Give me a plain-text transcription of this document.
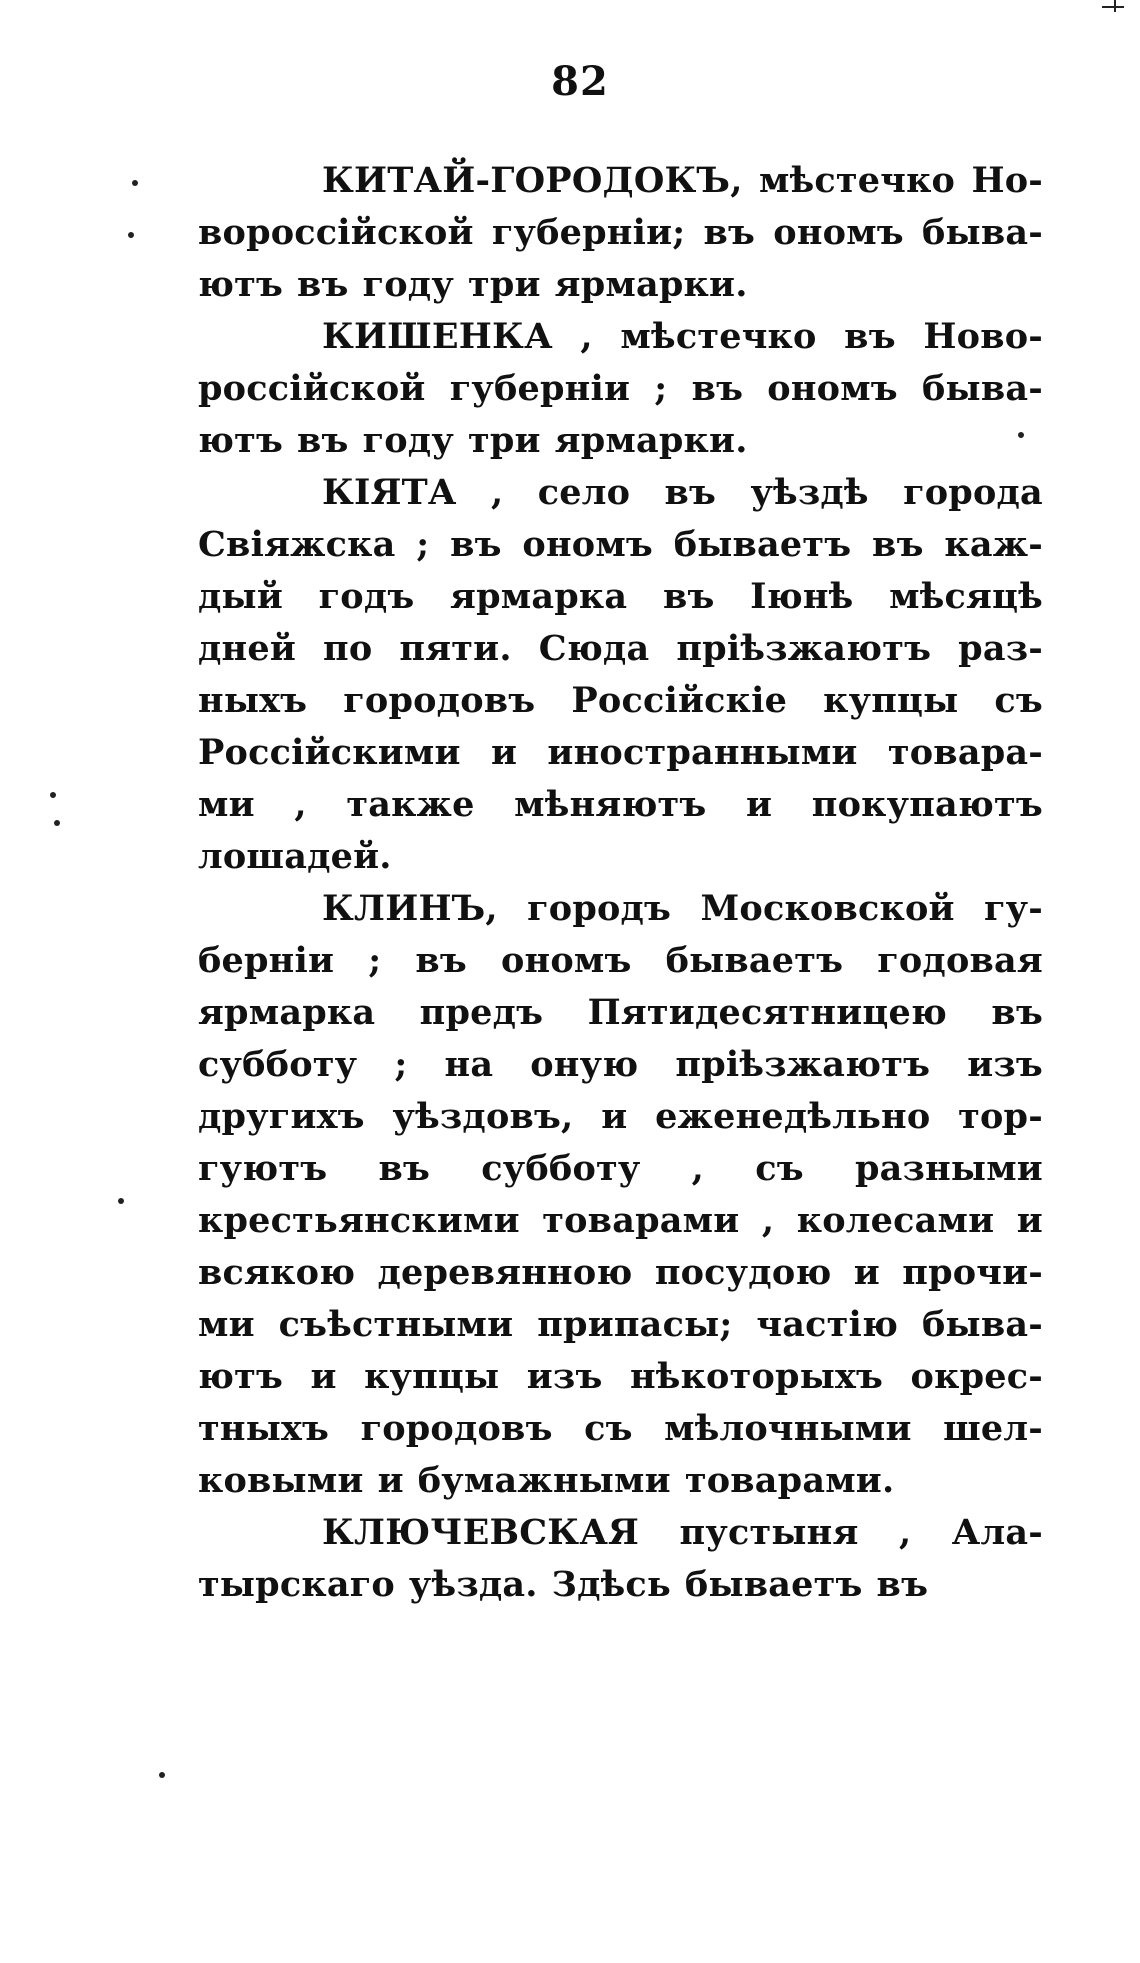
82
КИТАЙ-ГОРОДОКЪ, мѣстечко Но-
вороссійской губерніи; въ ономъ быва-
ютъ въ году три ярмарки.
КИШЕНКА , мѣстечко въ Ново-
россійской губерніи ; въ ономъ быва-
ютъ въ году три ярмарки.
КІЯТА , село въ уѣздѣ города
Свіяжска ; въ ономъ бываетъ въ каж-
дый годъ ярмарка въ Іюнѣ мѣсяцѣ
дней по пяти. Сюда пріѣзжаютъ раз-
ныхъ городовъ Россійскіе купцы съ
Россійскими и иностранными товара-
ми , также мѣняютъ и покупаютъ
лошадей.
КЛИНЪ, городъ Московской гу-
берніи ; въ ономъ бываетъ годовая
ярмарка предъ Пятидесятницею въ
субботу ; на оную пріѣзжаютъ изъ
другихъ уѣздовъ, и еженедѣльно тор-
гуютъ въ субботу , съ разными
крестьянскими товарами , колесами и
всякою деревянною посудою и прочи-
ми съѣстными припасы; частію быва-
ютъ и купцы изъ нѣкоторыхъ окрес-
тныхъ городовъ съ мѣлочными шел-
ковыми и бумажными товарами.
КЛЮЧЕВСКАЯ пустыня , Ала-
тырскаго уѣзда. Здѣсь бываетъ въ
